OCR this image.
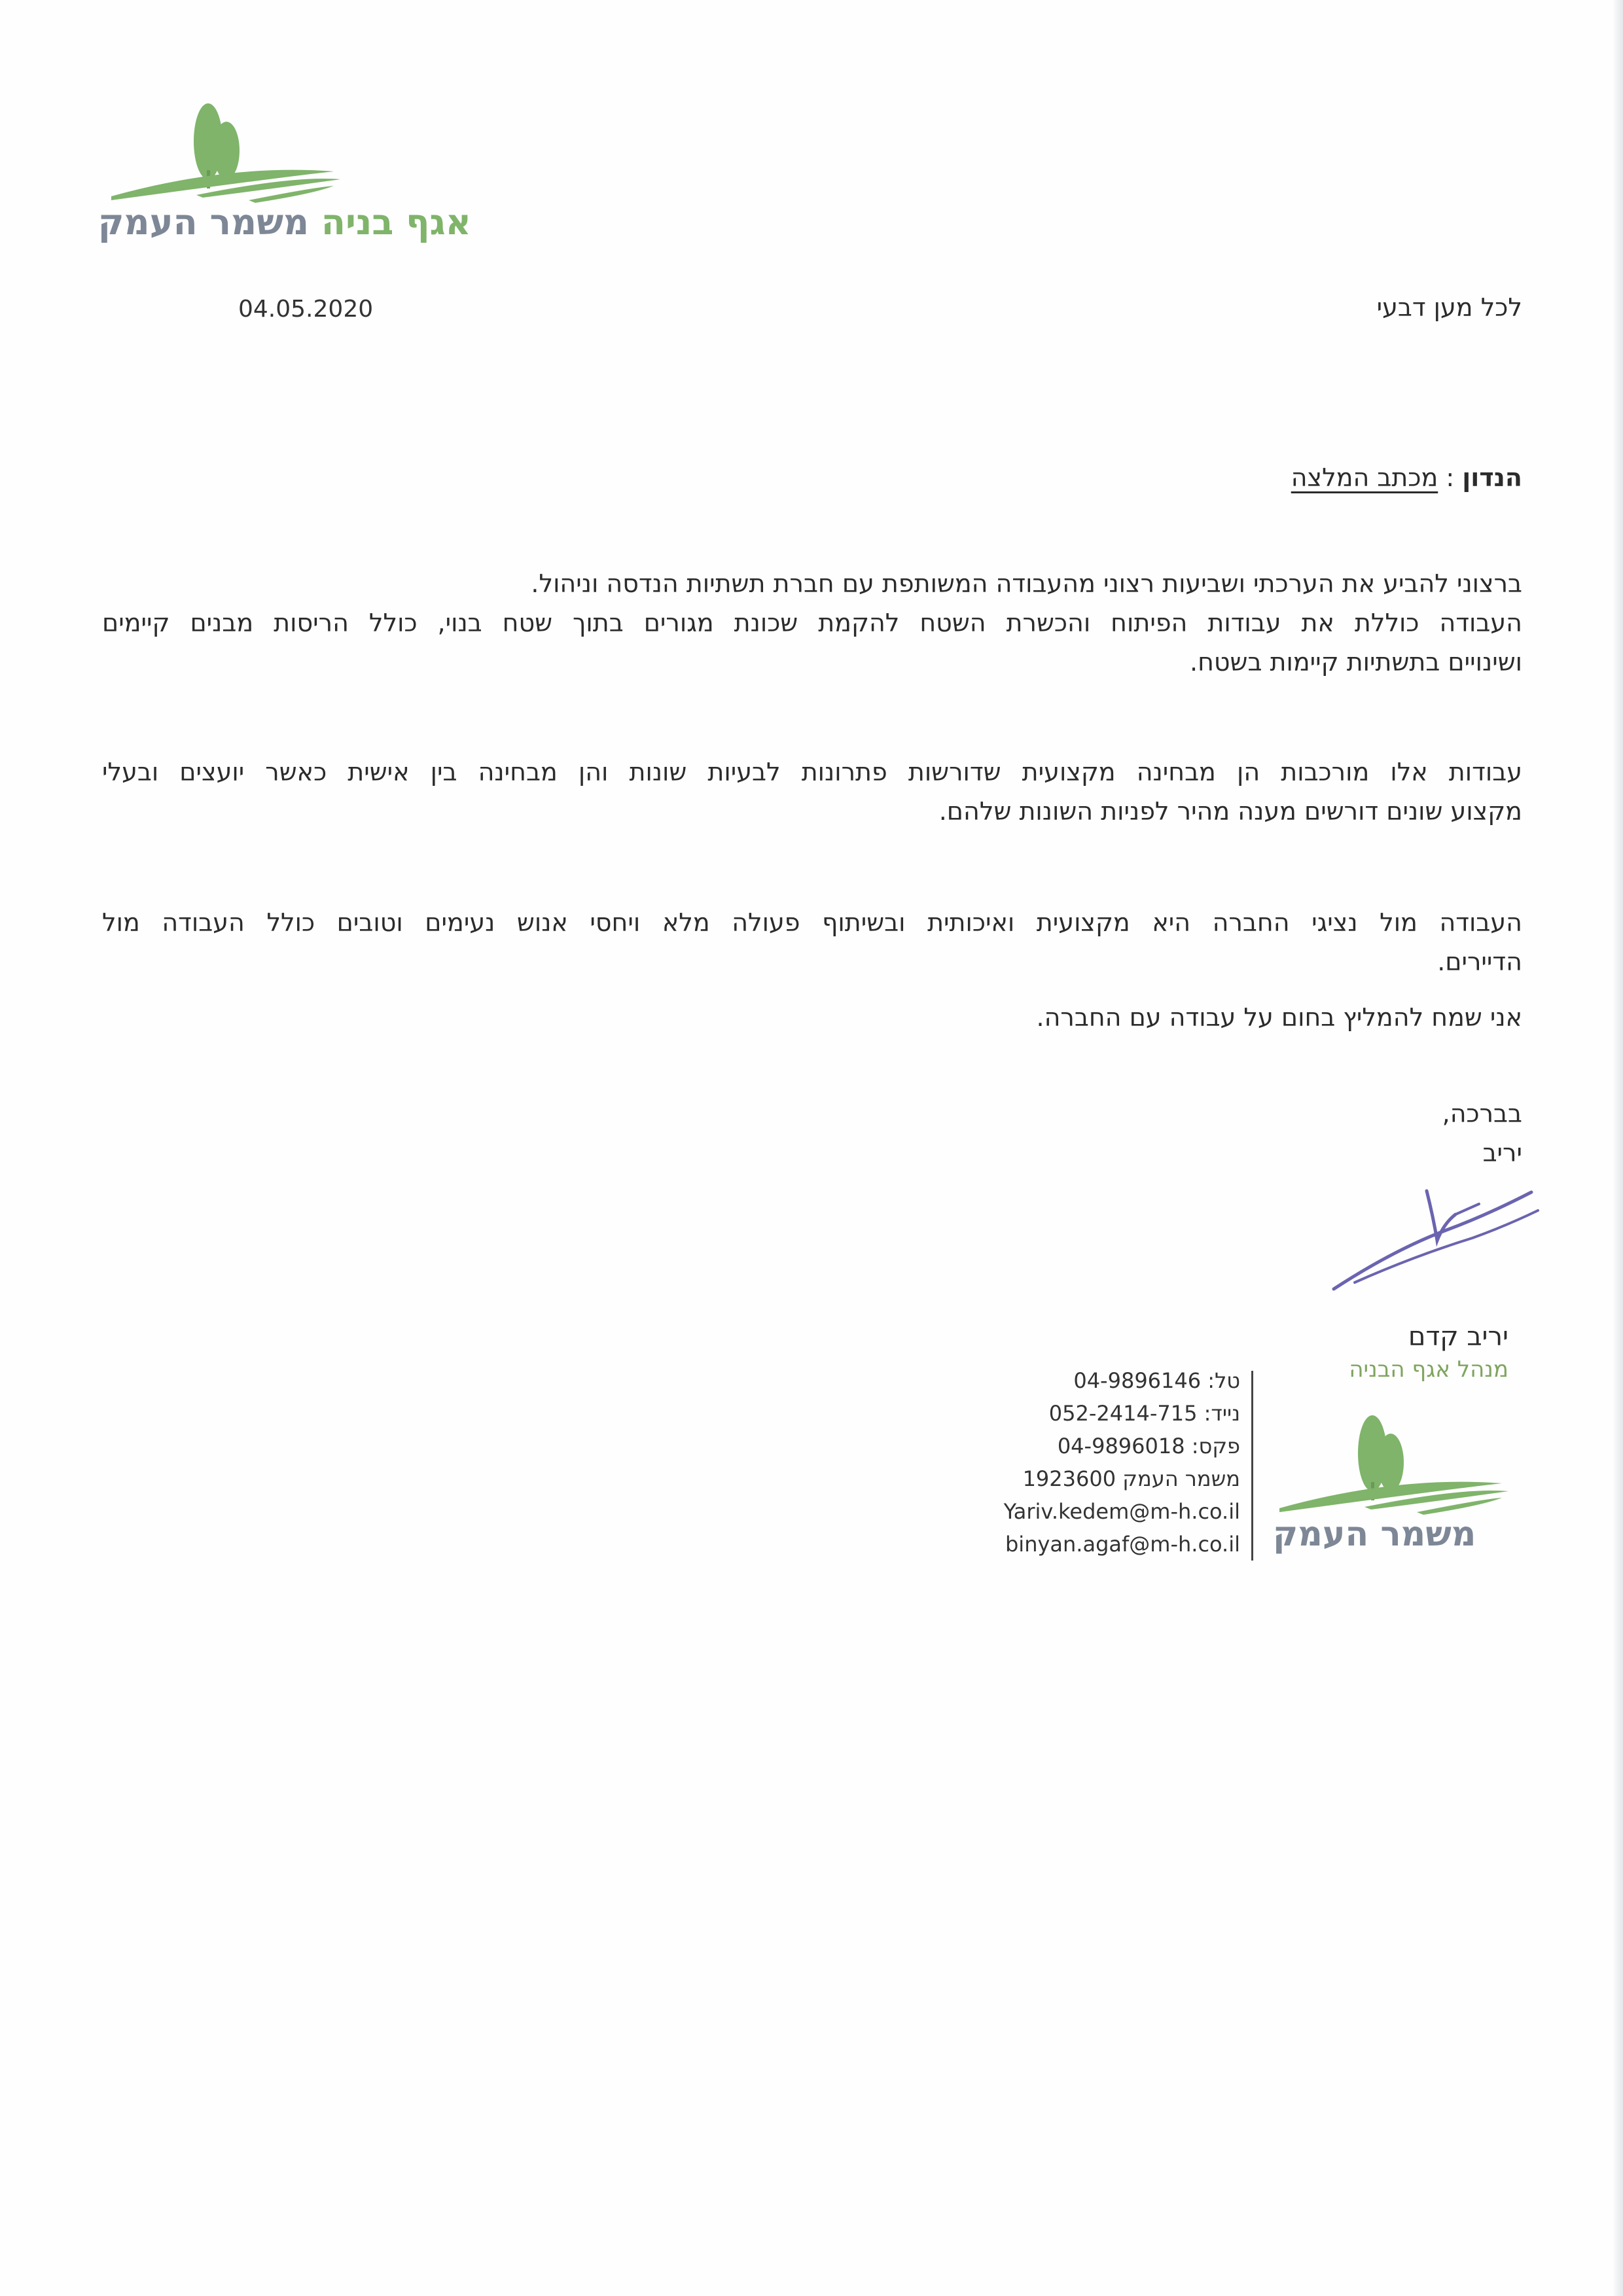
אגף בניה משמר העמק
04.05.2020	לכל מען דבעי
הנדון : מכתב המלצה
ברצוני להביע את הערכתי ושביעות רצוני מהעבודה המשותפת עם חברת תשתיות הנדסה וניהול.
העבודה כוללת את עבודות הפיתוח והכשרת השטח להקמת שכונת מגורים בתוך שטח בנוי, כולל הריסות מבנים קיימים
ושינויים בתשתיות קיימות בשטח.
עבודות אלו מורכבות הן מבחינה מקצועית שדורשות פתרונות לבעיות שונות והן מבחינה בין אישית כאשר יועצים ובעלי
מקצוע שונים דורשים מענה מהיר לפניות השונות שלהם.
העבודה מול נציגי החברה היא מקצועית ואיכותית ובשיתוף פעולה מלא ויחסי אנוש נעימים וטובים כולל העבודה מול
הדיירים.
אני שמח להמליץ בחום על עבודה עם החברה.
בברכה,
יריב
יריב קדם
מנהל אגף הבניה
טל: 04-9896146
נייד: 052-2414-715
פקס: 04-9896018
משמר העמק 1923600
Yariv.kedem@m-h.co.il
binyan.agaf@m-h.co.il משמר העמק
